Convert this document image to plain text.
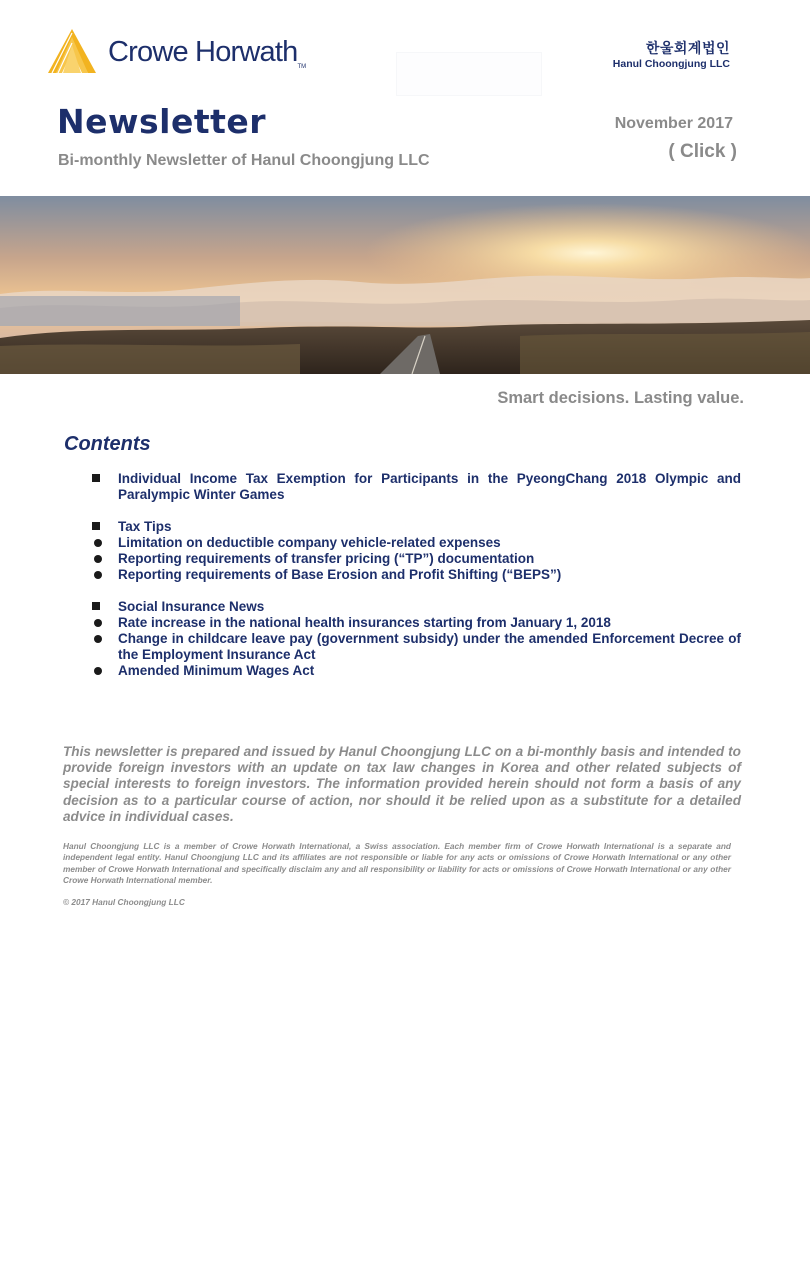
Crowe Horwath$_{TM}$
한울회계법인
Hanul Choongjung LLC
Newsletter
Bi-monthly Newsletter of Hanul Choongjung LLC
November 2017
( Click )
Smart decisions. Lasting value.
Contents
Individual Income Tax Exemption for Participants in the PyeongChang 2018 Olympic and Paralympic Winter Games
Tax Tips
Limitation on deductible company vehicle-related expenses
Reporting requirements of transfer pricing (“TP”) documentation
Reporting requirements of Base Erosion and Profit Shifting (“BEPS”)
Social Insurance News
Rate increase in the national health insurances starting from January 1, 2018
Change in childcare leave pay (government subsidy) under the amended Enforcement Decree of the Employment Insurance Act
Amended Minimum Wages Act
This newsletter is prepared and issued by Hanul Choongjung LLC on a bi-monthly basis and intended to provide foreign investors with an update on tax law changes in Korea and other related subjects of special interests to foreign investors. The information provided herein should not form a basis of any decision as to a particular course of action, nor should it be relied upon as a substitute for a detailed advice in individual cases.
Hanul Choongjung LLC is a member of Crowe Horwath International, a Swiss association. Each member firm of Crowe Horwath International is a separate and independent legal entity. Hanul Choongjung LLC and its affiliates are not responsible or liable for any acts or omissions of Crowe Horwath International or any other member of Crowe Horwath International and specifically disclaim any and all responsibility or liability for acts or omissions of Crowe Horwath International or any other Crowe Horwath International member.
© 2017 Hanul Choongjung LLC
